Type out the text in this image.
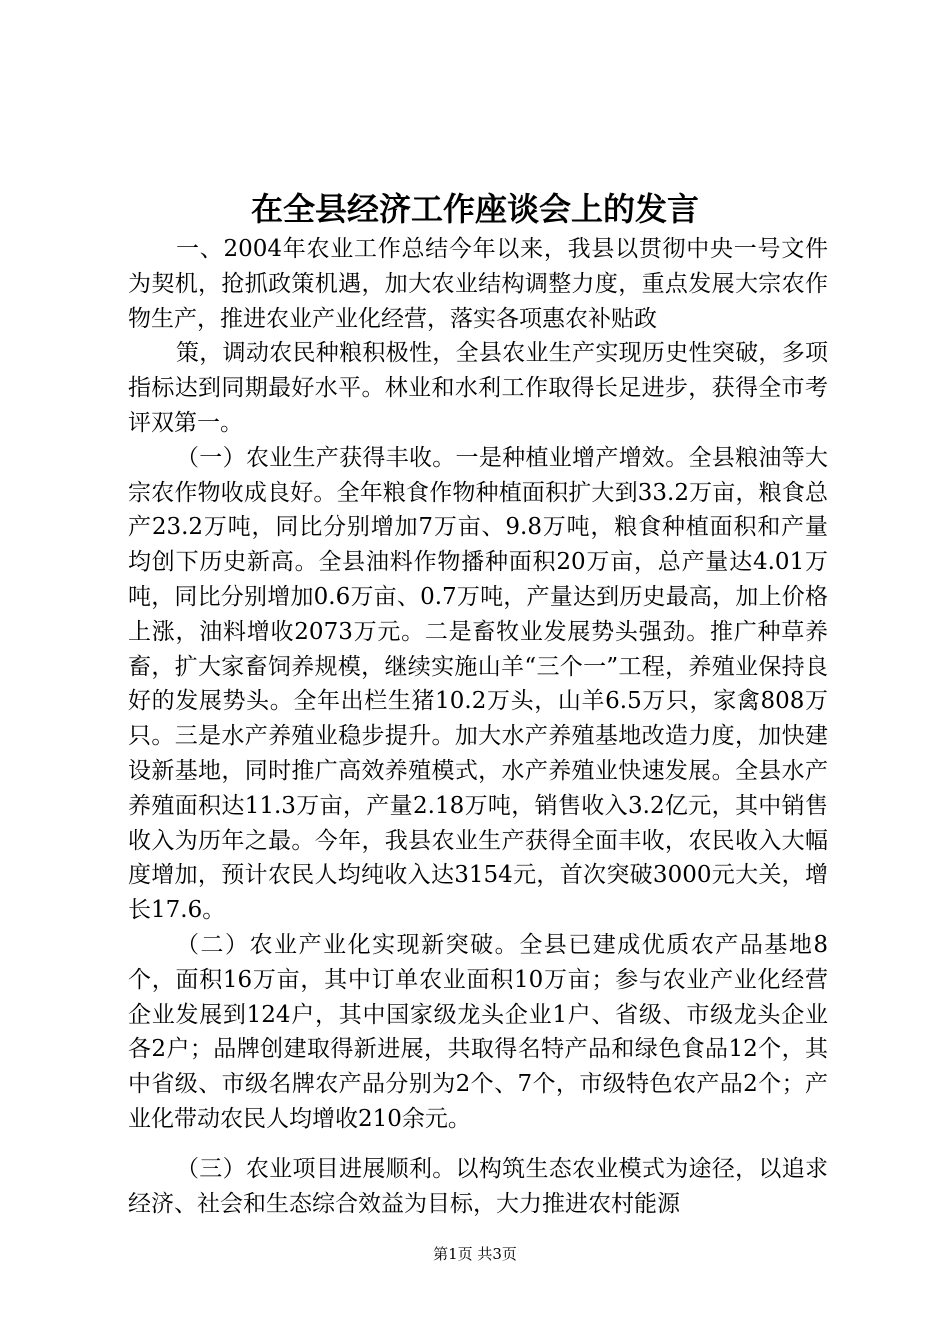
在全县经济工作座谈会上的发言

一、2004年农业工作总结今年以来，我县以贯彻中央一号文件为契机，抢抓政策机遇，加大农业结构调整力度，重点发展大宗农作物生产，推进农业产业化经营，落实各项惠农补贴政

策，调动农民种粮积极性，全县农业生产实现历史性突破，多项指标达到同期最好水平。林业和水利工作取得长足进步，获得全市考评双第一。

（一）农业生产获得丰收。一是种植业增产增效。全县粮油等大宗农作物收成良好。全年粮食作物种植面积扩大到33.2万亩，粮食总产23.2万吨，同比分别增加7万亩、9.8万吨，粮食种植面积和产量均创下历史新高。全县油料作物播种面积20万亩，总产量达4.01万吨，同比分别增加0.6万亩、0.7万吨，产量达到历史最高，加上价格上涨，油料增收2073万元。二是畜牧业发展势头强劲。推广种草养畜，扩大家畜饲养规模，继续实施山羊“三个一”工程，养殖业保持良好的发展势头。全年出栏生猪10.2万头，山羊6.5万只，家禽808万只。三是水产养殖业稳步提升。加大水产养殖基地改造力度，加快建设新基地，同时推广高效养殖模式，水产养殖业快速发展。全县水产养殖面积达11.3万亩，产量2.18万吨，销售收入3.2亿元，其中销售收入为历年之最。今年，我县农业生产获得全面丰收，农民收入大幅度增加，预计农民人均纯收入达3154元，首次突破3000元大关，增长17.6。

（二）农业产业化实现新突破。全县已建成优质农产品基地8个，面积16万亩，其中订单农业面积10万亩；参与农业产业化经营企业发展到124户，其中国家级龙头企业1户、省级、市级龙头企业各2户；品牌创建取得新进展，共取得名特产品和绿色食品12个，其中省级、市级名牌农产品分别为2个、7个，市级特色农产品2个；产业化带动农民人均增收210余元。

（三）农业项目进展顺利。以构筑生态农业模式为途径，以追求经济、社会和生态综合效益为目标，大力推进农村能源

第1页 共3页
